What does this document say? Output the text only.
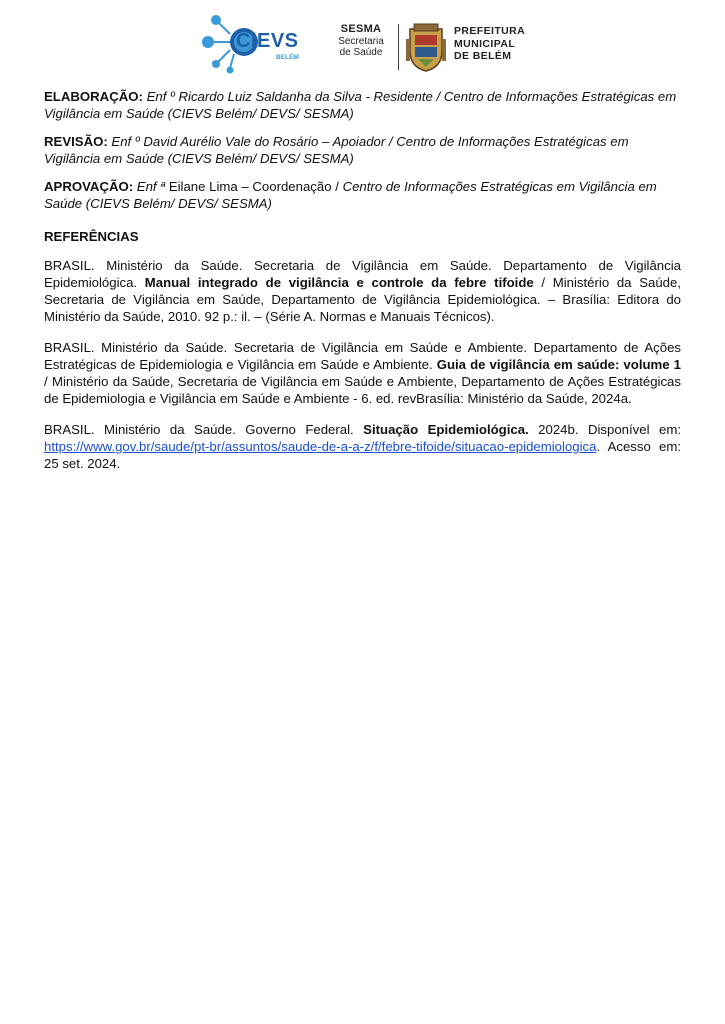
CIEVS
BELÉM
SESMA
Secretaria
de Saúde
PREFEITURA
MUNICIPAL
DE BELÉM

ELABORAÇÃO: Enf º Ricardo Luiz Saldanha da Silva - Residente / Centro de Informações Estratégicas em Vigilância em Saúde (CIEVS Belém/ DEVS/ SESMA)

REVISÃO: Enf º David Aurélio Vale do Rosário – Apoiador / Centro de Informações Estratégicas em Vigilância em Saúde (CIEVS Belém/ DEVS/ SESMA)

APROVAÇÃO: Enf ª Eilane Lima – Coordenação / Centro de Informações Estratégicas em Vigilância em Saúde (CIEVS Belém/ DEVS/ SESMA)

REFERÊNCIAS

BRASIL. Ministério da Saúde. Secretaria de Vigilância em Saúde. Departamento de Vigilância Epidemiológica. Manual integrado de vigilância e controle da febre tifoide / Ministério da Saúde, Secretaria de Vigilância em Saúde, Departamento de Vigilância Epidemiológica. – Brasília: Editora do Ministério da Saúde, 2010. 92 p.: il. – (Série A. Normas e Manuais Técnicos).

BRASIL. Ministério da Saúde. Secretaria de Vigilância em Saúde e Ambiente. Departamento de Ações Estratégicas de Epidemiologia e Vigilância em Saúde e Ambiente. Guia de vigilância em saúde: volume 1 / Ministério da Saúde, Secretaria de Vigilância em Saúde e Ambiente, Departamento de Ações Estratégicas de Epidemiologia e Vigilância em Saúde e Ambiente - 6. ed. revBrasília: Ministério da Saúde, 2024a.

BRASIL. Ministério da Saúde. Governo Federal. Situação Epidemiológica. 2024b. Disponível em: https://www.gov.br/saude/pt-br/assuntos/saude-de-a-a-z/f/febre-tifoide/situacao-epidemiologica. Acesso em: 25 set. 2024.
